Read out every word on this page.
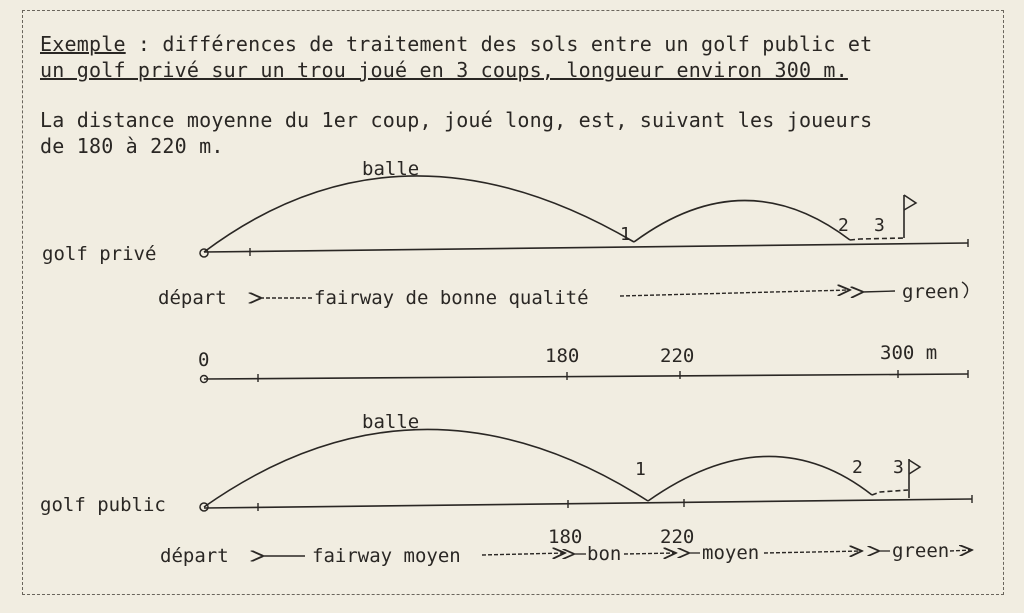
Exemple : différences de traitement des sols entre un golf public et
un golf privé sur un trou joué en 3 coups, longueur environ 300 m.
La distance moyenne du 1er coup, joué long, est, suivant les joueurs
de 180 à 220 m.
golf privé
balle
1	2 3
départ	fairway de bonne qualité	green
0	180	220	300 m
golf public
balle
1	2 3
départ	fairway moyen
180
bon
220
moyen	green
